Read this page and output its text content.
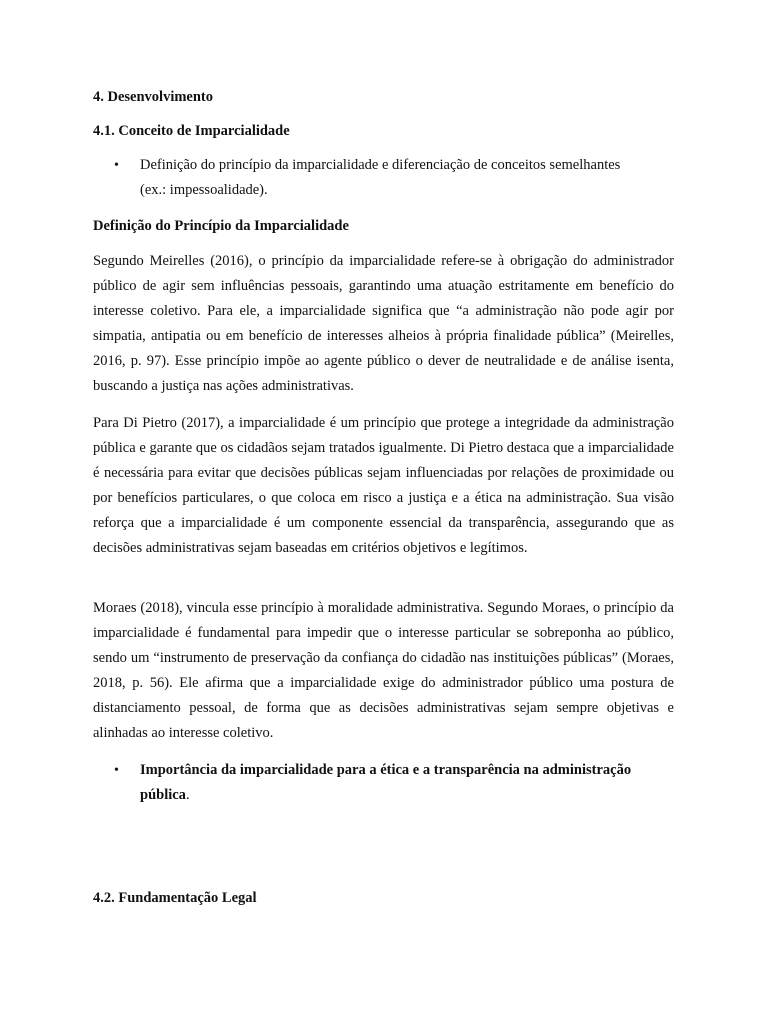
4. Desenvolvimento
4.1. Conceito de Imparcialidade
• Definição do princípio da imparcialidade e diferenciação de conceitos semelhantes
(ex.: impessoalidade).
Definição do Princípio da Imparcialidade

Segundo Meirelles (2016), o princípio da imparcialidade refere-se à obrigação do administrador público de agir sem influências pessoais, garantindo uma atuação estritamente em benefício do interesse coletivo. Para ele, a imparcialidade significa que “a administração não pode agir por simpatia, antipatia ou em benefício de interesses alheios à própria finalidade pública” (Meirelles, 2016, p. 97). Esse princípio impõe ao agente público o dever de neutralidade e de análise isenta, buscando a justiça nas ações administrativas.

Para Di Pietro (2017), a imparcialidade é um princípio que protege a integridade da administração pública e garante que os cidadãos sejam tratados igualmente. Di Pietro destaca que a imparcialidade é necessária para evitar que decisões públicas sejam influenciadas por relações de proximidade ou por benefícios particulares, o que coloca em risco a justiça e a ética na administração. Sua visão reforça que a imparcialidade é um componente essencial da transparência, assegurando que as decisões administrativas sejam baseadas em critérios objetivos e legítimos.

Moraes (2018), vincula esse princípio à moralidade administrativa. Segundo Moraes, o princípio da imparcialidade é fundamental para impedir que o interesse particular se sobreponha ao público, sendo um “instrumento de preservação da confiança do cidadão nas instituições públicas” (Moraes, 2018, p. 56). Ele afirma que a imparcialidade exige do administrador público uma postura de distanciamento pessoal, de forma que as decisões administrativas sejam sempre objetivas e alinhadas ao interesse coletivo.

• Importância da imparcialidade para a ética e a transparência na administração pública.
4.2. Fundamentação Legal
